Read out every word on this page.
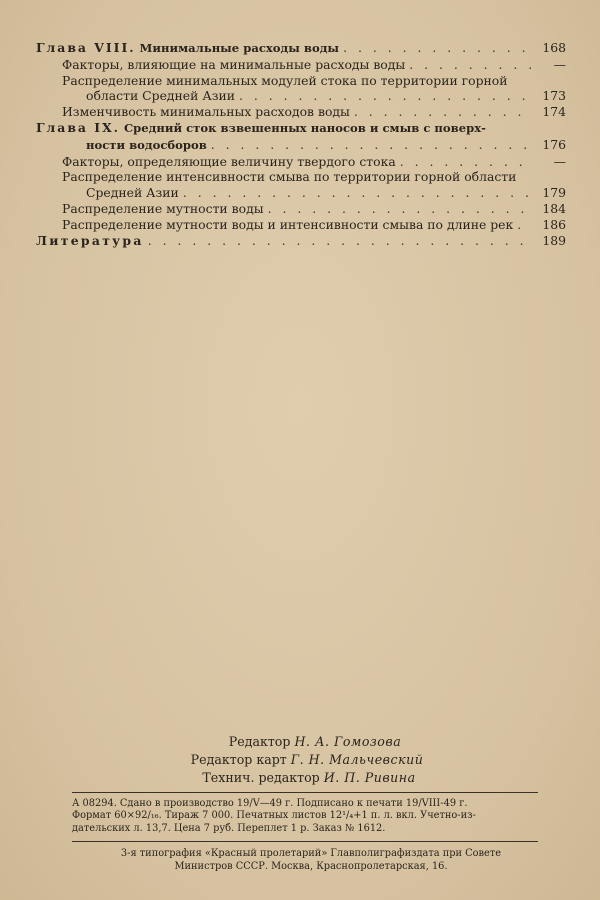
Глава VIII. Минимальные расходы воды . . .	168
Факторы, влияющие на минимальные расходы воды . . .	—
Распределение минимальных модулей стока по территории горной
области Средней Азии . . .	173
Изменчивость минимальных расходов воды . . .	174
Глава IX. Средний сток взвешенных наносов и смыв с поверх-
ности водосборов . . .	176
Факторы, определяющие величину твердого стока . . .	—
Распределение интенсивности смыва по территории горной области
Средней Азии . . .	179
Распределение мутности воды . . .	184
Распределение мутности воды и интенсивности смыва по длине рек . . .	186
Литература . . .	189
Редактор Н. А. Гомозова
Редактор карт Г. Н. Мальчевский
Технич. редактор И. П. Ривина
А 08294. Сдано в производство 19/V—49 г. Подписано к печати 19/VIII-49 г.
Формат 60×92/₁₆. Тираж 7 000. Печатных листов 12¹/₄+1 п. л. вкл. Учетно-из-
дательских л. 13,7. Цена 7 руб. Переплет 1 р. Заказ № 1612.
3-я типография «Красный пролетарий» Главполиграфиздата при Совете
Министров СССР. Москва, Краснопролетарская, 16.
